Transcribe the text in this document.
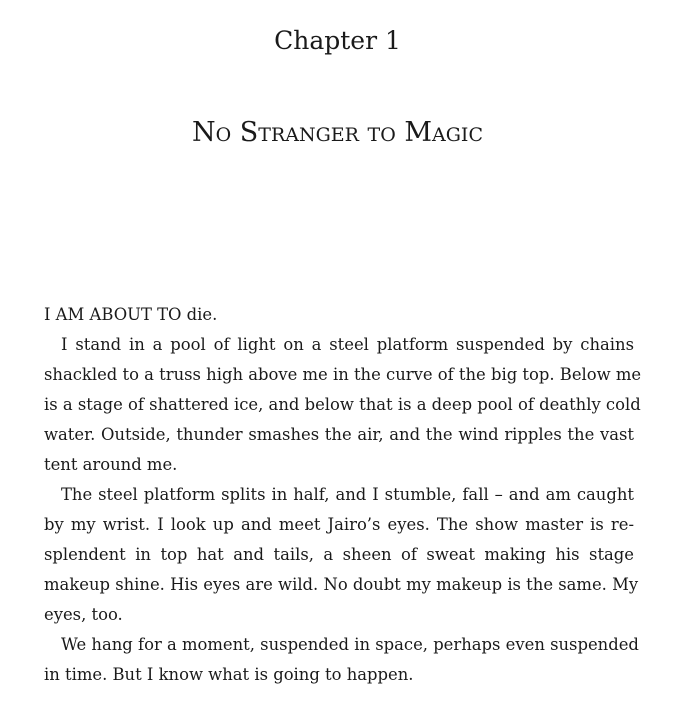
Chapter 1
No Stranger to Magic
I AM ABOUT TO die.
I stand in a pool of light on a steel platform suspended by chains
shackled to a truss high above me in the curve of the big top. Below me
is a stage of shattered ice, and below that is a deep pool of deathly cold
water. Outside, thunder smashes the air, and the wind ripples the vast
tent around me.
The steel platform splits in half, and I stumble, fall – and am caught
by my wrist. I look up and meet Jairo’s eyes. The show master is re-
splendent in top hat and tails, a sheen of sweat making his stage
makeup shine. His eyes are wild. No doubt my makeup is the same. My
eyes, too.
We hang for a moment, suspended in space, perhaps even suspended
in time. But I know what is going to happen.
